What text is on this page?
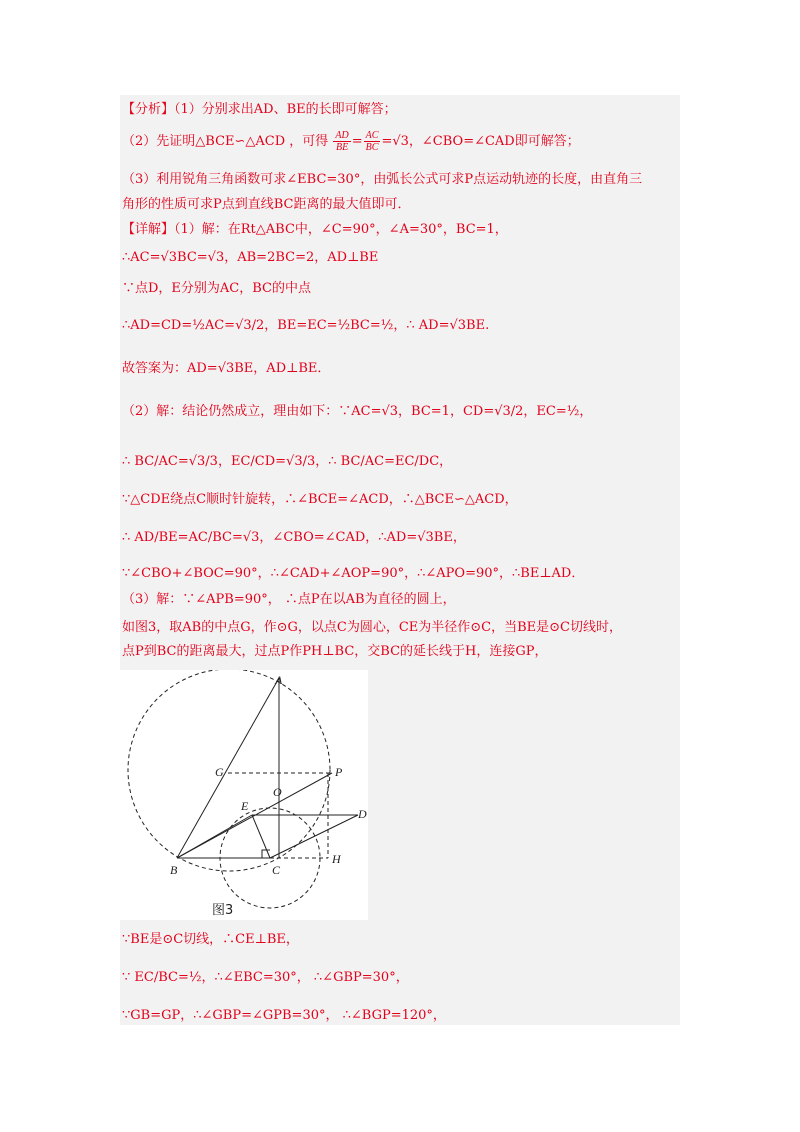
【分析】（1）分别求出AD、BE的长即可解答；
（2）先证明△BCE∽△ACD ，可得 $\frac{AD}{BE} = \frac{AC}{BC} =√3$，∠CBO=∠CAD即可解答；
（3）利用锐角三角函数可求∠EBC=30°，由弧长公式可求P点运动轨迹的长度，由直角三
角形的性质可求P点到直线BC距离的最大值即可．
【详解】（1）解：在Rt△ABC中，∠C=90°，∠A=30°，BC=1，
∴AC=√3BC=√3，AB=2BC=2，AD⊥BE
∵点D，E分别为AC，BC的中点
∴AD=CD=½AC=√3/2，BE=EC=½BC=½，∴ AD=√3BE.
故答案为：AD=√3BE，AD⊥BE．
（2）解：结论仍然成立，理由如下：∵AC=√3，BC=1，CD=√3/2，EC=½，
∴ BC/AC=√3/3，EC/CD=√3/3，∴ BC/AC=EC/DC，
∵△CDE绕点C顺时针旋转，∴∠BCE=∠ACD，∴△BCE∽△ACD，
∴ AD/BE=AC/BC=√3，∠CBO=∠CAD，∴AD=√3BE，
∵∠CBO+∠BOC=90°，∴∠CAD+∠AOP=90°，∴∠APO=90°，∴BE⊥AD．
（3）解：∵∠APB=90°， ∴点P在以AB为直径的圆上，
如图3，取AB的中点G，作⊙G，以点C为圆心，CE为半径作⊙C，当BE是⊙C切线时，
点P到BC的距离最大，过点P作PH⊥BC，交BC的延长线于H，连接GP，
A
B	C
D
E
G
O
P
H
图3
∵BE是⊙C切线，∴CE⊥BE，
∵ EC/BC=½，∴∠EBC=30°， ∴∠GBP=30°，
∵GB=GP，∴∠GBP=∠GPB=30°， ∴∠BGP=120°，
